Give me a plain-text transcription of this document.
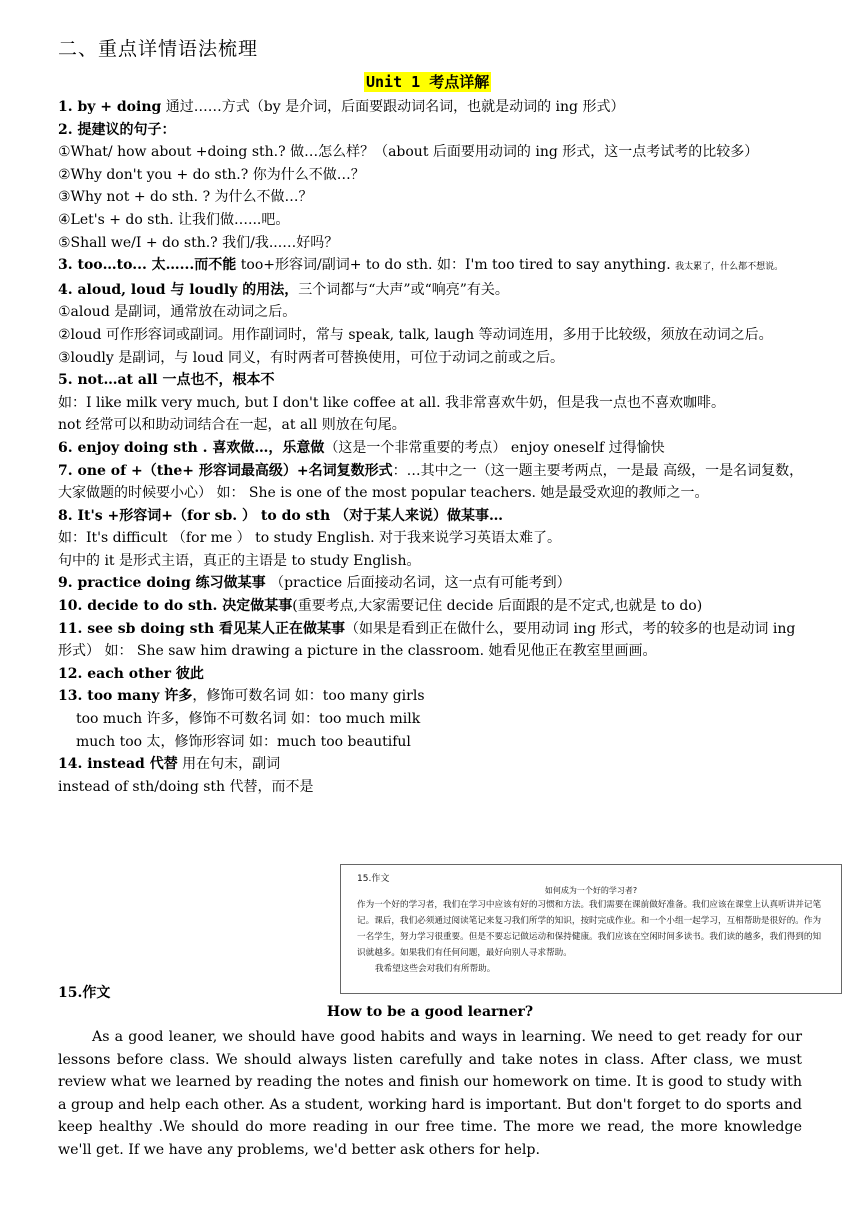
二、重点详情语法梳理
Unit 1 考点详解
1. by + doing 通过……方式（by 是介词，后面要跟动词名词，也就是动词的 ing 形式）
2. 提建议的句子：
①What/ how about +doing sth.? 做…怎么样？（about 后面要用动词的 ing 形式，这一点考试考的比较多）
②Why don't you + do sth.? 你为什么不做…？
③Why not + do sth. ? 为什么不做…？
④Let's + do sth. 让我们做…...吧。
⑤Shall we/I + do sth.? 我们/我...…好吗？
3. too…to... 太…...而不能 too+形容词/副词+ to do sth. 如：I'm too tired to say anything. 我太累了，什么都不想说。
4. aloud, loud 与 loudly 的用法，三个词都与“大声”或“响亮”有关。
①aloud 是副词，通常放在动词之后。
②loud 可作形容词或副词。用作副词时，常与 speak, talk, laugh 等动词连用，多用于比较级，须放在动词之后。
③loudly 是副词，与 loud 同义，有时两者可替换使用，可位于动词之前或之后。
5. not…at all 一点也不，根本不
如：I like milk very much, but I don't like coffee at all. 我非常喜欢牛奶，但是我一点也不喜欢咖啡。
not 经常可以和助动词结合在一起，at all 则放在句尾。
6. enjoy doing sth . 喜欢做…，乐意做（这是一个非常重要的考点） enjoy oneself 过得愉快
7. one of +（the+ 形容词最高级）+名词复数形式：…其中之一（这一题主要考两点，一是最 高级，一是名词复数，大家做题的时候要小心） 如： She is one of the most popular teachers. 她是最受欢迎的教师之一。
8. It's +形容词+（for sb. ） to do sth （对于某人来说）做某事…
如：It's difficult （for me ） to study English. 对于我来说学习英语太难了。
句中的 it 是形式主语，真正的主语是 to study English。
9. practice doing 练习做某事 （practice 后面接动名词，这一点有可能考到）
10. decide to do sth. 决定做某事(重要考点,大家需要记住 decide 后面跟的是不定式,也就是 to do)
11. see sb doing sth 看见某人正在做某事（如果是看到正在做什么，要用动词 ing 形式，考的较多的也是动词 ing 形式） 如： She saw him drawing a picture in the classroom. 她看见他正在教室里画画。
12. each other 彼此
13. too many 许多，修饰可数名词 如：too many girls
too much 许多，修饰不可数名词 如：too much milk
much too 太，修饰形容词 如：much too beautiful
14. instead 代替 用在句末，副词
instead of sth/doing sth 代替，而不是
15.作文
如何成为一个好的学习者?
作为一个好的学习者，我们在学习中应该有好的习惯和方法。我们需要在课前做好准备。我们应该在课堂上认真听讲并记笔记。课后，我们必须通过阅读笔记来复习我们所学的知识，按时完成作业。和一个小组一起学习，互相帮助是很好的。作为一名学生，努力学习很重要。但是不要忘记做运动和保持健康。我们应该在空闲时间多读书。我们读的越多，我们得到的知识就越多。如果我们有任何问题，最好向别人寻求帮助。
我希望这些会对我们有所帮助。
15.作文
How to be a good learner?
As a good leaner, we should have good habits and ways in learning. We need to get ready for our lessons before class. We should always listen carefully and take notes in class. After class, we must review what we learned by reading the notes and finish our homework on time. It is good to study with a group and help each other. As a student, working hard is important. But don't forget to do sports and keep healthy .We should do more reading in our free time. The more we read, the more knowledge we'll get. If we have any problems, we'd better ask others for help.
